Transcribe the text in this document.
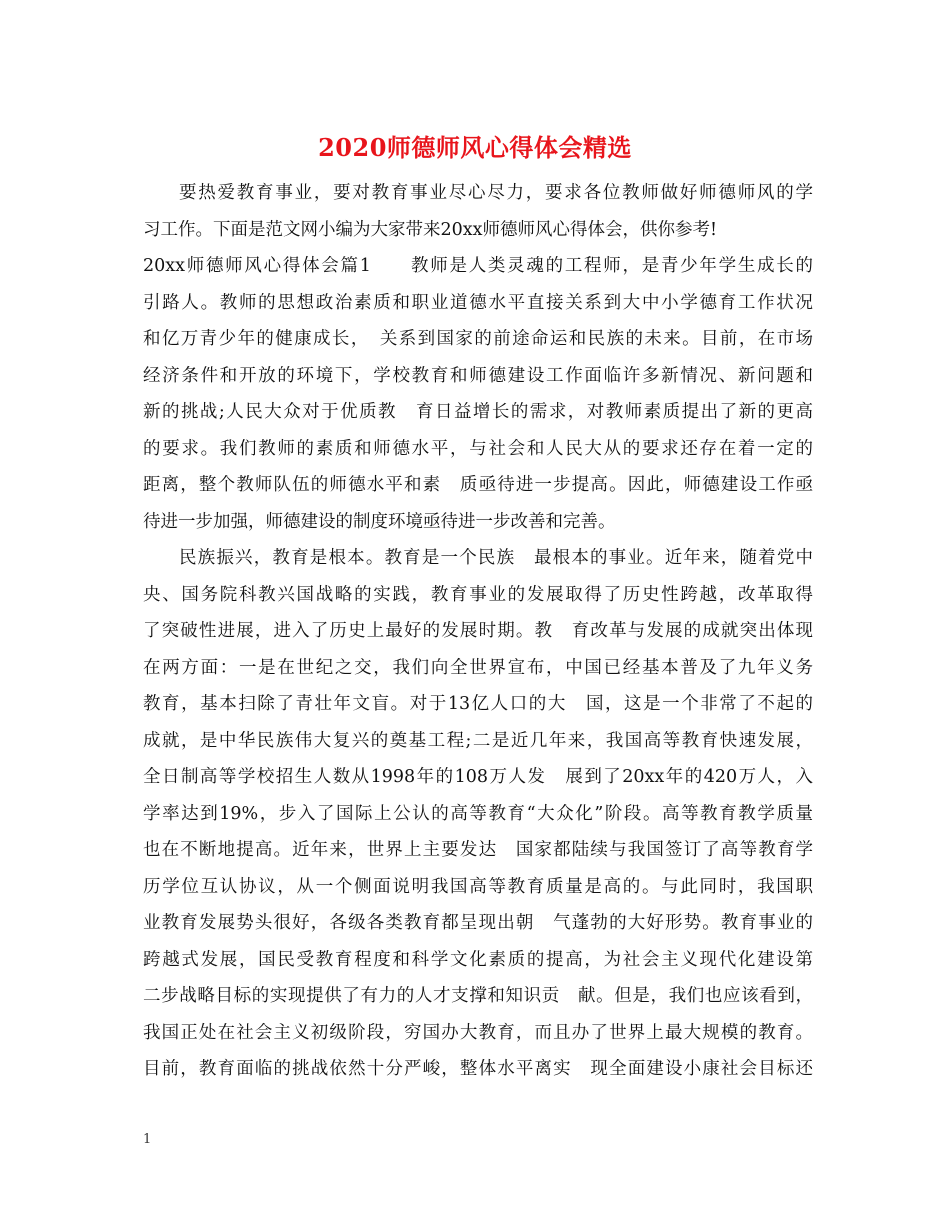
2020师德师风心得体会精选
要热爱教育事业，要对教育事业尽心尽力，要求各位教师做好师德师风的学
习工作。下面是范文网小编为大家带来20xx师德师风心得体会，供你参考!
20xx师德师风心得体会篇1　　教师是人类灵魂的工程师，是青少年学生成长的
引路人。教师的思想政治素质和职业道德水平直接关系到大中小学德育工作状况
和亿万青少年的健康成长，　关系到国家的前途命运和民族的未来。目前，在市场
经济条件和开放的环境下，学校教育和师德建设工作面临许多新情况、新问题和
新的挑战;人民大众对于优质教　育日益增长的需求，对教师素质提出了新的更高
的要求。我们教师的素质和师德水平，与社会和人民大从的要求还存在着一定的
距离，整个教师队伍的师德水平和素　质亟待进一步提高。因此，师德建设工作亟
待进一步加强，师德建设的制度环境亟待进一步改善和完善。
民族振兴，教育是根本。教育是一个民族　最根本的事业。近年来，随着党中
央、国务院科教兴国战略的实践，教育事业的发展取得了历史性跨越，改革取得
了突破性进展，进入了历史上最好的发展时期。教　育改革与发展的成就突出体现
在两方面：一是在世纪之交，我们向全世界宣布，中国已经基本普及了九年义务
教育，基本扫除了青壮年文盲。对于13亿人口的大　国，这是一个非常了不起的
成就，是中华民族伟大复兴的奠基工程;二是近几年来，我国高等教育快速发展，
全日制高等学校招生人数从1998年的108万人发　展到了20xx年的420万人，入
学率达到19%，步入了国际上公认的高等教育“大众化”阶段。高等教育教学质量
也在不断地提高。近年来，世界上主要发达　国家都陆续与我国签订了高等教育学
历学位互认协议，从一个侧面说明我国高等教育质量是高的。与此同时，我国职
业教育发展势头很好，各级各类教育都呈现出朝　气蓬勃的大好形势。教育事业的
跨越式发展，国民受教育程度和科学文化素质的提高，为社会主义现代化建设第
二步战略目标的实现提供了有力的人才支撑和知识贡　献。但是，我们也应该看到，
我国正处在社会主义初级阶段，穷国办大教育，而且办了世界上最大规模的教育。
目前，教育面临的挑战依然十分严峻，整体水平离实　现全面建设小康社会目标还
1
